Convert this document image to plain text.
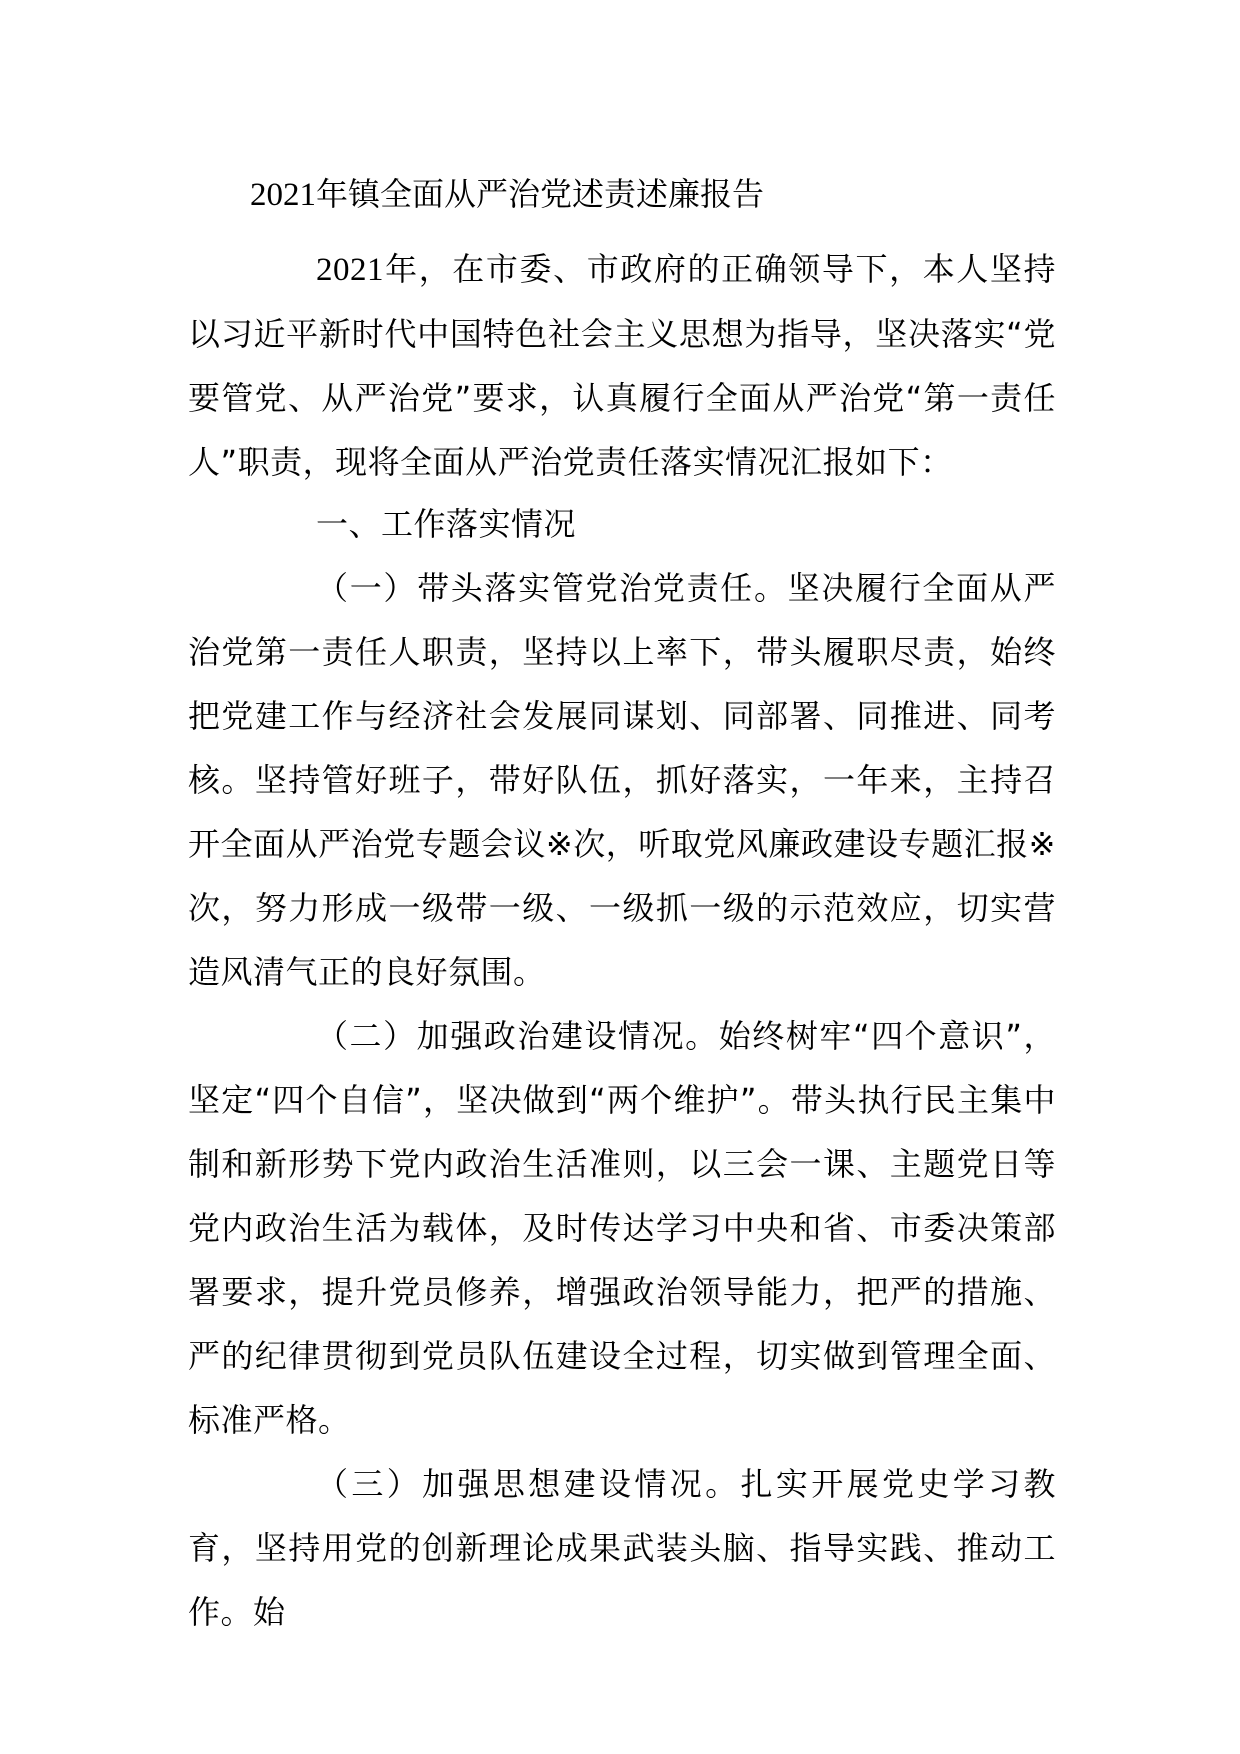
2021年镇全面从严治党述责述廉报告

2021年，在市委、市政府的正确领导下，本人坚持以习近平新时代中国特色社会主义思想为指导，坚决落实“党要管党、从严治党”要求，认真履行全面从严治党“第一责任人”职责，现将全面从严治党责任落实情况汇报如下：

一、工作落实情况

（一）带头落实管党治党责任。坚决履行全面从严治党第一责任人职责，坚持以上率下，带头履职尽责，始终把党建工作与经济社会发展同谋划、同部署、同推进、同考核。坚持管好班子，带好队伍，抓好落实，一年来，主持召开全面从严治党专题会议※次，听取党风廉政建设专题汇报※次，努力形成一级带一级、一级抓一级的示范效应，切实营造风清气正的良好氛围。

（二）加强政治建设情况。始终树牢“四个意识”，坚定“四个自信”，坚决做到“两个维护”。带头执行民主集中制和新形势下党内政治生活准则，以三会一课、主题党日等党内政治生活为载体，及时传达学习中央和省、市委决策部署要求，提升党员修养，增强政治领导能力，把严的措施、严的纪律贯彻到党员队伍建设全过程，切实做到管理全面、标准严格。

（三）加强思想建设情况。扎实开展党史学习教育，坚持用党的创新理论成果武装头脑、指导实践、推动工作。始
